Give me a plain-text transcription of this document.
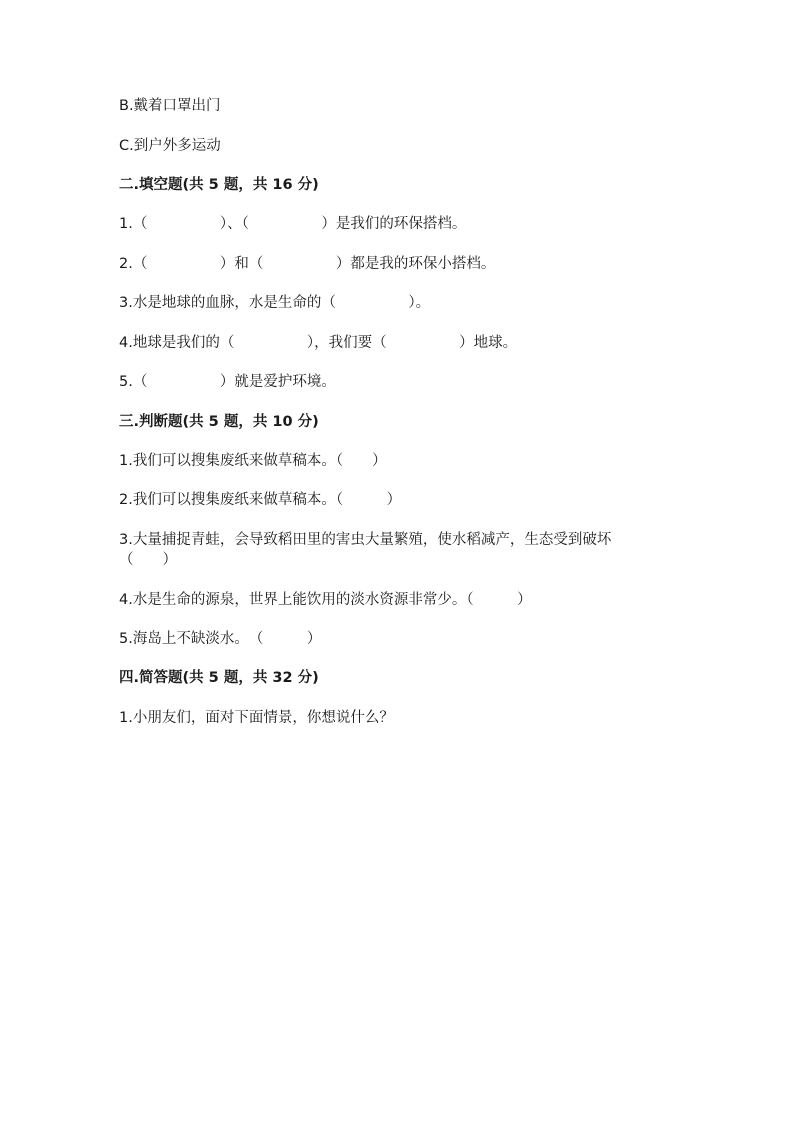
B.戴着口罩出门
C.到户外多运动
二.填空题(共 5 题，共 16 分)
1.（　　　　　）、（　　　　　）是我们的环保搭档。
2.（　　　　　）和（　　　　　）都是我的环保小搭档。
3.水是地球的血脉，水是生命的（　　　　　）。
4.地球是我们的（　　　　　），我们要（　　　　　）地球。
5.（　　　　　）就是爱护环境。
三.判断题(共 5 题，共 10 分)
1.我们可以搜集废纸来做草稿本。（　　）
2.我们可以搜集废纸来做草稿本。（　　　）
3.大量捕捉青蛙，会导致稻田里的害虫大量繁殖，使水稻减产，生态受到破坏
（　　）
4.水是生命的源泉，世界上能饮用的淡水资源非常少。（　　　）
5.海岛上不缺淡水。　（　　　）
四.简答题(共 5 题，共 32 分)
1.小朋友们，面对下面情景，你想说什么？
